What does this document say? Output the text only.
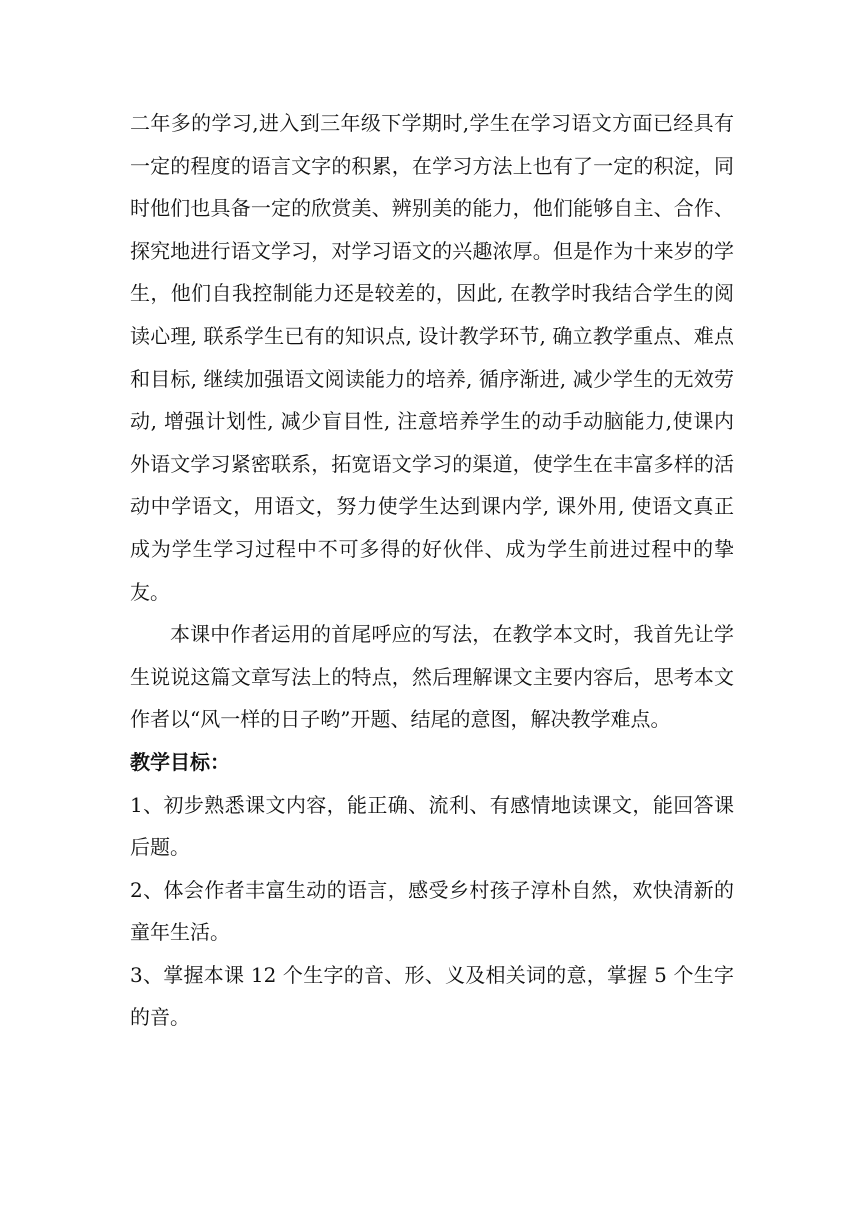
二年多的学习,进入到三年级下学期时,学生在学习语文方面已经具有一定的程度的语言文字的积累，在学习方法上也有了一定的积淀，同时他们也具备一定的欣赏美、辨别美的能力，他们能够自主、合作、探究地进行语文学习，对学习语文的兴趣浓厚。但是作为十来岁的学生，他们自我控制能力还是较差的，因此, 在教学时我结合学生的阅读心理, 联系学生已有的知识点, 设计教学环节, 确立教学重点、难点和目标, 继续加强语文阅读能力的培养, 循序渐进, 减少学生的无效劳动, 增强计划性, 减少盲目性, 注意培养学生的动手动脑能力,使课内外语文学习紧密联系，拓宽语文学习的渠道，使学生在丰富多样的活动中学语文，用语文，努力使学生达到课内学, 课外用, 使语文真正成为学生学习过程中不可多得的好伙伴、成为学生前进过程中的挚友。

本课中作者运用的首尾呼应的写法，在教学本文时，我首先让学生说说这篇文章写法上的特点，然后理解课文主要内容后，思考本文作者以“风一样的日子哟”开题、结尾的意图，解决教学难点。

教学目标：

1、初步熟悉课文内容，能正确、流利、有感情地读课文，能回答课后题。

2、体会作者丰富生动的语言，感受乡村孩子淳朴自然，欢快清新的童年生活。

3、掌握本课 12 个生字的音、形、义及相关词的意，掌握 5 个生字的音。
